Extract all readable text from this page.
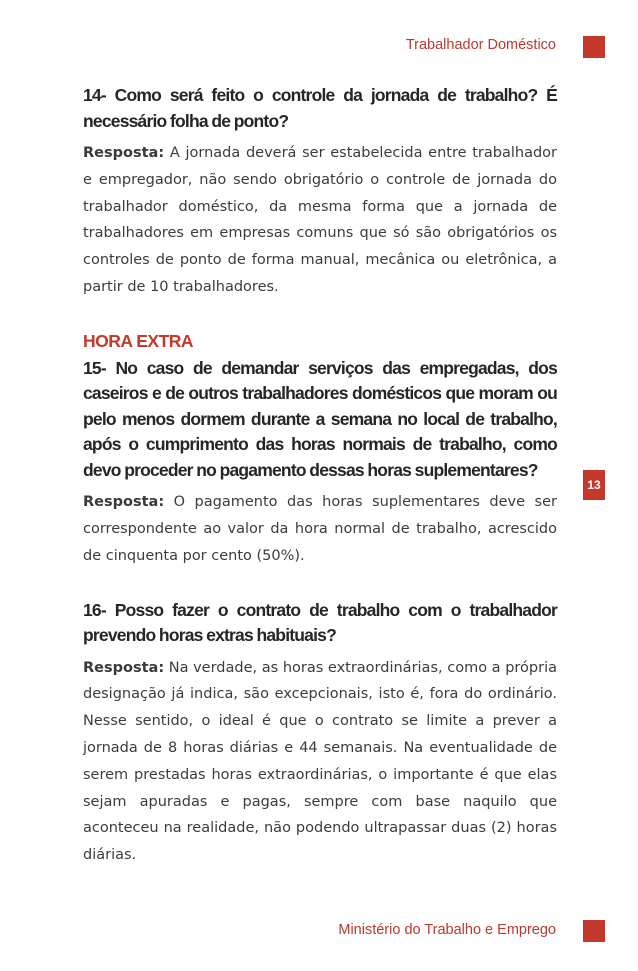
Trabalhador Doméstico
13

14- Como será feito o controle da jornada de trabalho? É necessário folha de ponto?

Resposta: A jornada deverá ser estabelecida entre trabalhador e empregador, não sendo obrigatório o controle de jornada do trabalhador doméstico, da mesma forma que a jornada de trabalhadores em empresas comuns que só são obrigatórios os controles de ponto de forma manual, mecânica ou eletrônica, a partir de 10 trabalhadores.

HORA EXTRA

15- No caso de demandar serviços das empregadas, dos caseiros e de outros trabalhadores domésticos que moram ou pelo menos dormem durante a semana no local de trabalho, após o cumprimento das horas normais de trabalho, como devo proceder no pagamento dessas horas suplementares?

Resposta: O pagamento das horas suplementares deve ser correspondente ao valor da hora normal de trabalho, acrescido de cinquenta por cento (50%).

16- Posso fazer o contrato de trabalho com o trabalhador prevendo horas extras habituais?

Resposta: Na verdade, as horas extraordinárias, como a própria designação já indica, são excepcionais, isto é, fora do ordinário. Nesse sentido, o ideal é que o contrato se limite a prever a jornada de 8 horas diárias e 44 semanais. Na eventualidade de serem prestadas horas extraordinárias, o importante é que elas sejam apuradas e pagas, sempre com base naquilo que aconteceu na realidade, não podendo ultrapassar duas (2) horas diárias.

Ministério do Trabalho e Emprego
